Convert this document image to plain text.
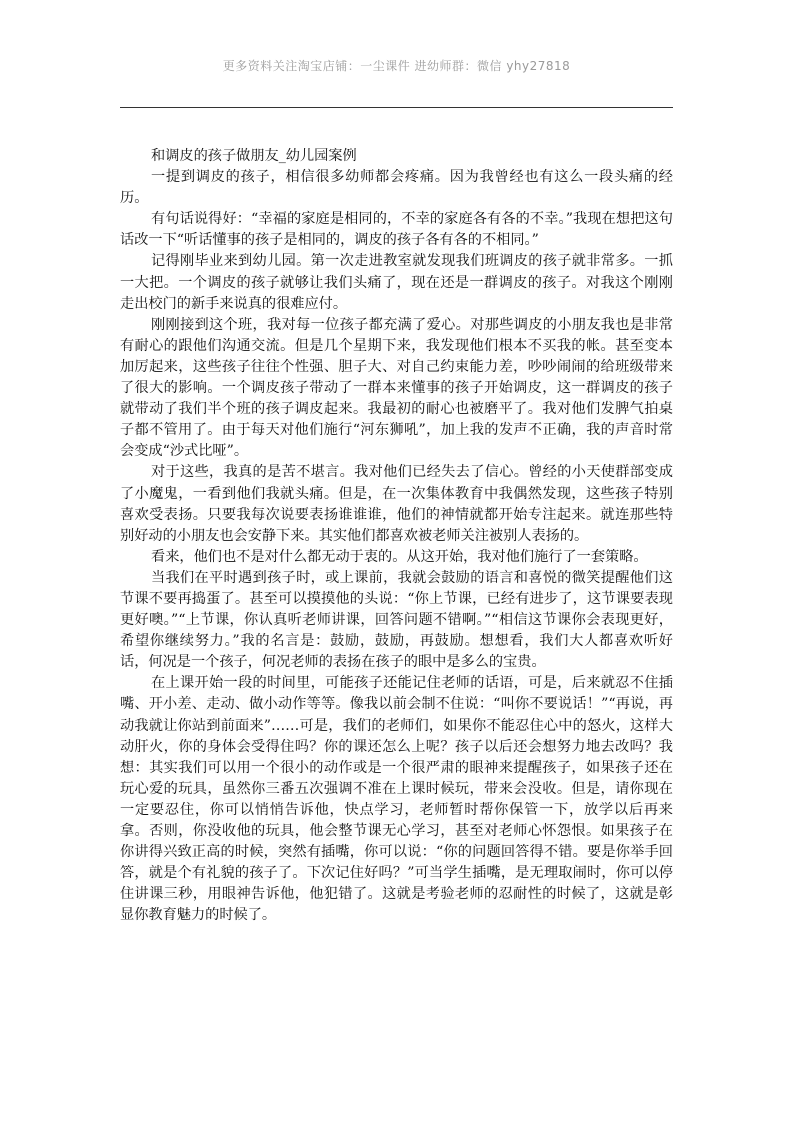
更多资料关注淘宝店铺：一尘课件 进幼师群：微信 yhy27818
和调皮的孩子做朋友_幼儿园案例

一提到调皮的孩子，相信很多幼师都会疼痛。因为我曾经也有这么一段头痛的经历。

有句话说得好：“幸福的家庭是相同的，不幸的家庭各有各的不幸。”我现在想把这句话改一下“听话懂事的孩子是相同的，调皮的孩子各有各的不相同。”

记得刚毕业来到幼儿园。第一次走进教室就发现我们班调皮的孩子就非常多。一抓一大把。一个调皮的孩子就够让我们头痛了，现在还是一群调皮的孩子。对我这个刚刚走出校门的新手来说真的很难应付。

刚刚接到这个班，我对每一位孩子都充满了爱心。对那些调皮的小朋友我也是非常有耐心的跟他们沟通交流。但是几个星期下来，我发现他们根本不买我的帐。甚至变本加厉起来，这些孩子往往个性强、胆子大、对自己约束能力差，吵吵闹闹的给班级带来了很大的影响。一个调皮孩子带动了一群本来懂事的孩子开始调皮，这一群调皮的孩子就带动了我们半个班的孩子调皮起来。我最初的耐心也被磨平了。我对他们发脾气拍桌子都不管用了。由于每天对他们施行“河东狮吼”，加上我的发声不正确，我的声音时常会变成“沙式比哑”。

对于这些，我真的是苦不堪言。我对他们已经失去了信心。曾经的小天使群部变成了小魔鬼，一看到他们我就头痛。但是，在一次集体教育中我偶然发现，这些孩子特别喜欢受表扬。只要我每次说要表扬谁谁谁，他们的神情就都开始专注起来。就连那些特别好动的小朋友也会安静下来。其实他们都喜欢被老师关注被别人表扬的。

看来，他们也不是对什么都无动于衷的。从这开始，我对他们施行了一套策略。

当我们在平时遇到孩子时，或上课前，我就会鼓励的语言和喜悦的微笑提醒他们这节课不要再捣蛋了。甚至可以摸摸他的头说：“你上节课，已经有进步了，这节课要表现更好噢。”“上节课，你认真听老师讲课，回答问题不错啊。”“相信这节课你会表现更好，希望你继续努力。”我的名言是：鼓励，鼓励，再鼓励。想想看，我们大人都喜欢听好话，何况是一个孩子，何况老师的表扬在孩子的眼中是多么的宝贵。

在上课开始一段的时间里，可能孩子还能记住老师的话语，可是，后来就忍不住插嘴、开小差、走动、做小动作等等。像我以前会制不住说：“叫你不要说话！”“再说，再动我就让你站到前面来”……可是，我们的老师们，如果你不能忍住心中的怒火，这样大动肝火，你的身体会受得住吗？你的课还怎么上呢？孩子以后还会想努力地去改吗？我想：其实我们可以用一个很小的动作或是一个很严肃的眼神来提醒孩子，如果孩子还在玩心爱的玩具，虽然你三番五次强调不准在上课时候玩，带来会没收。但是，请你现在一定要忍住，你可以悄悄告诉他，快点学习，老师暂时帮你保管一下，放学以后再来拿。否则，你没收他的玩具，他会整节课无心学习，甚至对老师心怀怨恨。如果孩子在你讲得兴致正高的时候，突然有插嘴，你可以说：“你的问题回答得不错。要是你举手回答，就是个有礼貌的孩子了。下次记住好吗？”可当学生插嘴，是无理取闹时，你可以停住讲课三秒，用眼神告诉他，他犯错了。这就是考验老师的忍耐性的时候了，这就是彰显你教育魅力的时候了。
